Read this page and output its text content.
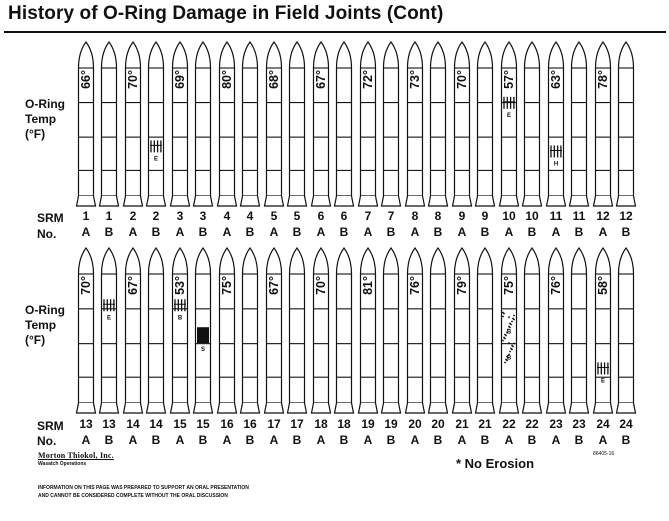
History of O-Ring Damage in Field Joints (Cont)
O-Ring
Temp
(°F)
SRM
No.
O-Ring
Temp
(°F)
SRM
No.
66°
1
A
1
B
70°
2
A
E
2
B
69°
3
A
3
B
80°
4
A
4
B
68°
5
A
5
B
67°
6
A
6
B
72°
7
A
7
B
73°
8
A
8
B
70°
9
A
9
B
57°
E
10
A
10
B
63°
H
11
A
11
B
78°
12
A
12
B
70°
13
A
E
13
B
67°
14
A
14
B
53°
B
15
A
S
15
B
75°
16
A
16
B
67°
17
A
17
B
70°
18
A
18
B
81°
19
A
19
B
76°
20
A
20
B
79°
21
A
21
B
75°
*
B
*
B
22
A
22
B
76°
23
A
23
B
58°
E
24
A
24
B
86405-16
Morton Thiokol, Inc.
Wasatch Operations
INFORMATION ON THIS PAGE WAS PREPARED TO SUPPORT AN ORAL PRESENTATION
AND CANNOT BE CONSIDERED COMPLETE WITHOUT THE ORAL DISCUSSION
* No Erosion
